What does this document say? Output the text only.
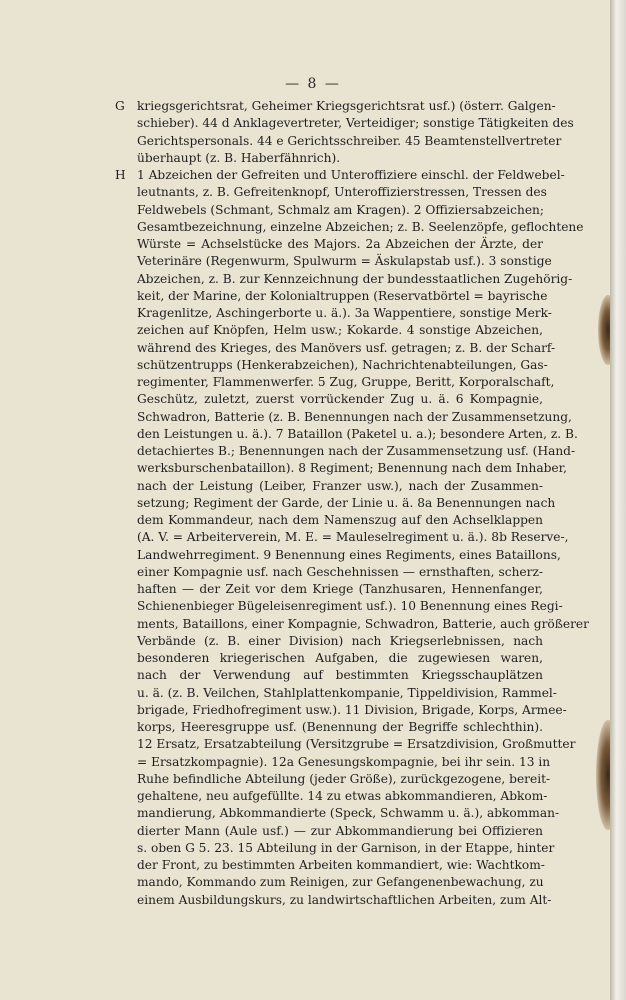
— 8 —
G kriegsgerichtsrat, Geheimer Kriegsgerichtsrat usf.) (österr. Galgen-
schieber). 44 d Anklagevertreter, Verteidiger; sonstige Tätigkeiten des
Gerichtspersonals. 44 e Gerichtsschreiber. 45 Beamtenstellvertreter
überhaupt (z. B. Haberfähnrich).
H 1 Abzeichen der Gefreiten und Unteroffiziere einschl. der Feldwebel-
leutnants, z. B. Gefreitenknopf, Unteroffizierstressen, Tressen des
Feldwebels (Schmant, Schmalz am Kragen). 2 Offiziersabzeichen;
Gesamtbezeichnung, einzelne Abzeichen; z. B. Seelenzöpfe, geflochtene
Würste = Achselstücke des Majors. 2a Abzeichen der Ärzte, der
Veterinäre (Regenwurm, Spulwurm = Äskulapstab usf.). 3 sonstige
Abzeichen, z. B. zur Kennzeichnung der bundesstaatlichen Zugehörig-
keit, der Marine, der Kolonialtruppen (Reservatbörtel = bayrische
Kragenlitze, Aschingerborte u. ä.). 3a Wappentiere, sonstige Merk-
zeichen auf Knöpfen, Helm usw.; Kokarde. 4 sonstige Abzeichen,
während des Krieges, des Manövers usf. getragen; z. B. der Scharf-
schützentrupps (Henkerabzeichen), Nachrichtenabteilungen, Gas-
regimenter, Flammenwerfer. 5 Zug, Gruppe, Beritt, Korporalschaft,
Geschütz, zuletzt, zuerst vorrückender Zug u. ä. 6 Kompagnie,
Schwadron, Batterie (z. B. Benennungen nach der Zusammensetzung,
den Leistungen u. ä.). 7 Bataillon (Paketel u. a.); besondere Arten, z. B.
detachiertes B.; Benennungen nach der Zusammensetzung usf. (Hand-
werksburschenbataillon). 8 Regiment; Benennung nach dem Inhaber,
nach der Leistung (Leiber, Franzer usw.), nach der Zusammen-
setzung; Regiment der Garde, der Linie u. ä. 8a Benennungen nach
dem Kommandeur, nach dem Namenszug auf den Achselklappen
(A. V. = Arbeiterverein, M. E. = Mauleselregiment u. ä.). 8b Reserve-,
Landwehrregiment. 9 Benennung eines Regiments, eines Bataillons,
einer Kompagnie usf. nach Geschehnissen — ernsthaften, scherz-
haften — der Zeit vor dem Kriege (Tanzhusaren, Hennenfanger,
Schienenbieger Bügeleisenregiment usf.). 10 Benennung eines Regi-
ments, Bataillons, einer Kompagnie, Schwadron, Batterie, auch größerer
Verbände (z. B. einer Division) nach Kriegserlebnissen, nach
besonderen kriegerischen Aufgaben, die zugewiesen waren,
nach der Verwendung auf bestimmten Kriegsschauplätzen
u. ä. (z. B. Veilchen, Stahlplattenkompanie, Tippeldivision, Rammel-
brigade, Friedhofregiment usw.). 11 Division, Brigade, Korps, Armee-
korps, Heeresgruppe usf. (Benennung der Begriffe schlechthin).
12 Ersatz, Ersatzabteilung (Versitzgrube = Ersatzdivision, Großmutter
= Ersatzkompagnie). 12a Genesungskompagnie, bei ihr sein. 13 in
Ruhe befindliche Abteilung (jeder Größe), zurückgezogene, bereit-
gehaltene, neu aufgefüllte. 14 zu etwas abkommandieren, Abkom-
mandierung, Abkommandierte (Speck, Schwamm u. ä.), abkomman-
dierter Mann (Aule usf.) — zur Abkommandierung bei Offizieren
s. oben G 5. 23. 15 Abteilung in der Garnison, in der Etappe, hinter
der Front, zu bestimmten Arbeiten kommandiert, wie: Wachtkom-
mando, Kommando zum Reinigen, zur Gefangenenbewachung, zu
einem Ausbildungskurs, zu landwirtschaftlichen Arbeiten, zum Alt-
